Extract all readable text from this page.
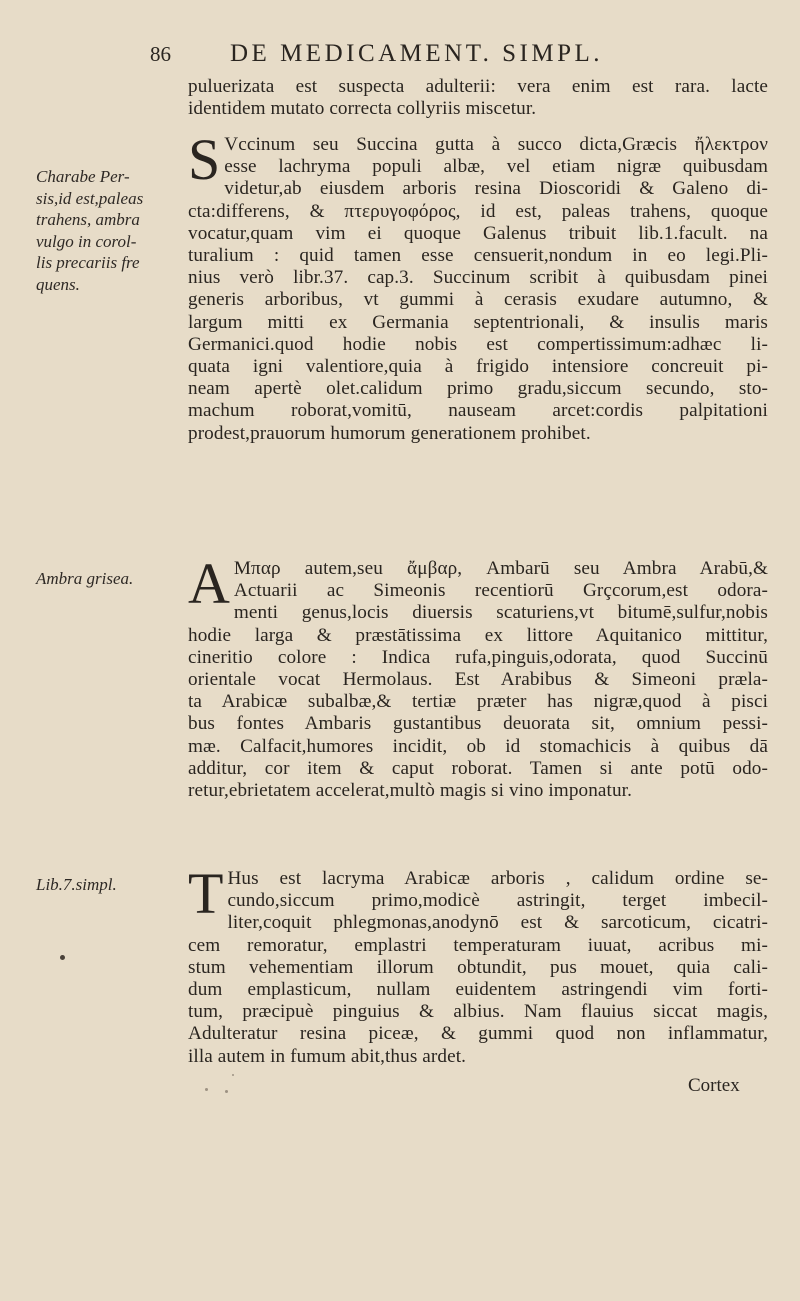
86 DE MEDICAMENT. SIMPL.
puluerizata est suspecta adulterii: vera enim est rara. lacte
identidem mutato correcta collyriis miscetur.
Charabe Per-
sis,id est,paleas
trahens, ambra
vulgo in corol-
lis precariis fre
quens.
Ambra grisea.
Lib.7.simpl.
S Vccinum seu Succina gutta à succo dicta,Græcis ἤλεκτρον
esse lachryma populi albæ, vel etiam nigræ quibusdam
videtur,ab eiusdem arboris resina Dioscoridi & Galeno di-
cta:differens, & πτερυγοφόρος, id est, paleas trahens, quoque
vocatur,quam vim ei quoque Galenus tribuit lib.1.facult. na
turalium : quid tamen esse censuerit,nondum in eo legi.Pli-
nius verò libr.37. cap.3. Succinum scribit à quibusdam pinei
generis arboribus, vt gummi à cerasis exudare autumno, &
largum mitti ex Germania septentrionali, & insulis maris
Germanici.quod hodie nobis est compertissimum:adhæc li-
quata igni valentiore,quia à frigido intensiore concreuit pi-
neam apertè olet.calidum primo gradu,siccum secundo, sto-
machum roborat,vomitū, nauseam arcet:cordis palpitationi
prodest,prauorum humorum generationem prohibet.
A Μπαρ autem,seu ἄμβαρ, Ambarū seu Ambra Arabū,&
Actuarii ac Simeonis recentiorū Grçcorum,est odora-
menti genus,locis diuersis scaturiens,vt bitumē,sulfur,nobis
hodie larga & præstātissima ex littore Aquitanico mittitur,
cineritio colore : Indica rufa,pinguis,odorata, quod Succinū
orientale vocat Hermolaus. Est Arabibus & Simeoni præla-
ta Arabicæ subalbæ,& tertiæ præter has nigræ,quod à pisci
bus fontes Ambaris gustantibus deuorata sit, omnium pessi-
mæ. Calfacit,humores incidit, ob id stomachicis à quibus dā
additur, cor item & caput roborat. Tamen si ante potū odo-
retur,ebrietatem accelerat,multò magis si vino imponatur.
T Hus est lacryma Arabicæ arboris , calidum ordine se-
cundo,siccum primo,modicè astringit, terget imbecil-
liter,coquit phlegmonas,anodynō est & sarcoticum, cicatri-
cem remoratur, emplastri temperaturam iuuat, acribus mi-
stum vehementiam illorum obtundit, pus mouet, quia cali-
dum emplasticum, nullam euidentem astringendi vim forti-
tum, præcipuè pinguius & albius. Nam flauius siccat magis,
Adulteratur resina piceæ, & gummi quod non inflammatur,
illa autem in fumum abit,thus ardet.
Cortex
